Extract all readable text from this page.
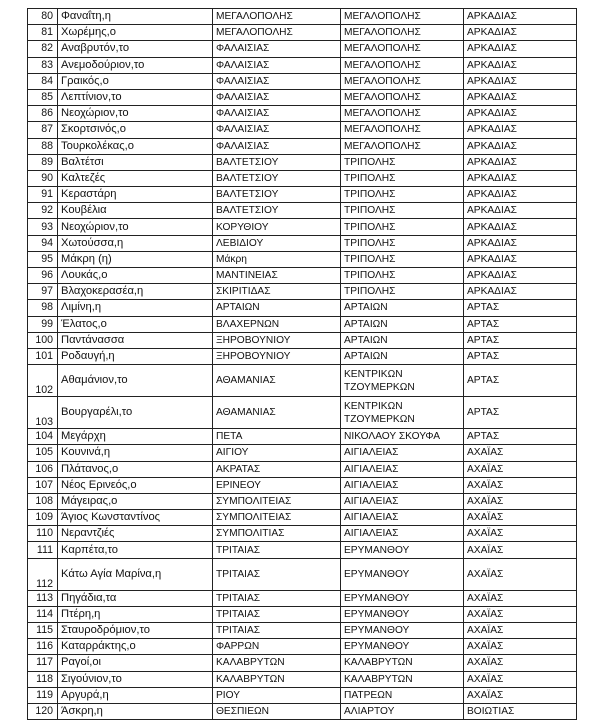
80	Φαναΐτη,η	ΜΕΓΑΛΟΠΟΛΗΣ	ΜΕΓΑΛΟΠΟΛΗΣ	ΑΡΚΑΔΙΑΣ
81	Χωρέμης,ο	ΜΕΓΑΛΟΠΟΛΗΣ	ΜΕΓΑΛΟΠΟΛΗΣ	ΑΡΚΑΔΙΑΣ
82	Αναβρυτόν,το	ΦΑΛΑΙΣΙΑΣ	ΜΕΓΑΛΟΠΟΛΗΣ	ΑΡΚΑΔΙΑΣ
83	Ανεμοδούριον,το	ΦΑΛΑΙΣΙΑΣ	ΜΕΓΑΛΟΠΟΛΗΣ	ΑΡΚΑΔΙΑΣ
84	Γραικός,ο	ΦΑΛΑΙΣΙΑΣ	ΜΕΓΑΛΟΠΟΛΗΣ	ΑΡΚΑΔΙΑΣ
85	Λεπτίνιον,το	ΦΑΛΑΙΣΙΑΣ	ΜΕΓΑΛΟΠΟΛΗΣ	ΑΡΚΑΔΙΑΣ
86	Νεοχώριον,το	ΦΑΛΑΙΣΙΑΣ	ΜΕΓΑΛΟΠΟΛΗΣ	ΑΡΚΑΔΙΑΣ
87	Σκορτσινός,ο	ΦΑΛΑΙΣΙΑΣ	ΜΕΓΑΛΟΠΟΛΗΣ	ΑΡΚΑΔΙΑΣ
88	Τουρκολέκας,ο	ΦΑΛΑΙΣΙΑΣ	ΜΕΓΑΛΟΠΟΛΗΣ	ΑΡΚΑΔΙΑΣ
89	Βαλτέτσι	ΒΑΛΤΕΤΣΙΟΥ	ΤΡΙΠΟΛΗΣ	ΑΡΚΑΔΙΑΣ
90	Καλτεζές	ΒΑΛΤΕΤΣΙΟΥ	ΤΡΙΠΟΛΗΣ	ΑΡΚΑΔΙΑΣ
91	Κεραστάρη	ΒΑΛΤΕΤΣΙΟΥ	ΤΡΙΠΟΛΗΣ	ΑΡΚΑΔΙΑΣ
92	Κουβέλια	ΒΑΛΤΕΤΣΙΟΥ	ΤΡΙΠΟΛΗΣ	ΑΡΚΑΔΙΑΣ
93	Νεοχώριον,το	ΚΟΡΥΘΙΟΥ	ΤΡΙΠΟΛΗΣ	ΑΡΚΑΔΙΑΣ
94	Χωτούσσα,η	ΛΕΒΙΔΙΟΥ	ΤΡΙΠΟΛΗΣ	ΑΡΚΑΔΙΑΣ
95	Μάκρη (η)	Μάκρη	ΤΡΙΠΟΛΗΣ	ΑΡΚΑΔΙΑΣ
96	Λουκάς,ο	ΜΑΝΤΙΝΕΙΑΣ	ΤΡΙΠΟΛΗΣ	ΑΡΚΑΔΙΑΣ
97	Βλαχοκερασέα,η	ΣΚΙΡΙΤΙΔΑΣ	ΤΡΙΠΟΛΗΣ	ΑΡΚΑΔΙΑΣ
98	Λιμίνη,η	ΑΡΤΑΙΩΝ	ΑΡΤΑΙΩΝ	ΑΡΤΑΣ
99	Έλατος,ο	ΒΛΑΧΕΡΝΩΝ	ΑΡΤΑΙΩΝ	ΑΡΤΑΣ
100	Παντάνασσα	ΞΗΡΟΒΟΥΝΙΟΥ	ΑΡΤΑΙΩΝ	ΑΡΤΑΣ
101	Ροδαυγή,η	ΞΗΡΟΒΟΥΝΙΟΥ	ΑΡΤΑΙΩΝ	ΑΡΤΑΣ
102	Αθαμάνιον,το	ΑΘΑΜΑΝΙΑΣ	ΚΕΝΤΡΙΚΩΝ ΤΖΟΥΜΕΡΚΩΝ	ΑΡΤΑΣ
103	Βουργαρέλι,το	ΑΘΑΜΑΝΙΑΣ	ΚΕΝΤΡΙΚΩΝ ΤΖΟΥΜΕΡΚΩΝ	ΑΡΤΑΣ
104	Μεγάρχη	ΠΕΤΑ	ΝΙΚΟΛΑΟΥ ΣΚΟΥΦΑ	ΑΡΤΑΣ
105	Κουνινά,η	ΑΙΓΙΟΥ	ΑΙΓΙΑΛΕΙΑΣ	ΑΧΑΪΑΣ
106	Πλάτανος,ο	ΑΚΡΑΤΑΣ	ΑΙΓΙΑΛΕΙΑΣ	ΑΧΑΪΑΣ
107	Νέος Ερινεός,ο	ΕΡΙΝΕΟΥ	ΑΙΓΙΑΛΕΙΑΣ	ΑΧΑΪΑΣ
108	Μάγειρας,ο	ΣΥΜΠΟΛΙΤΕΙΑΣ	ΑΙΓΙΑΛΕΙΑΣ	ΑΧΑΪΑΣ
109	Άγιος Κωνσταντίνος	ΣΥΜΠΟΛΙΤΕΙΑΣ	ΑΙΓΙΑΛΕΙΑΣ	ΑΧΑΪΑΣ
110	Νεραντζιές	ΣΥΜΠΟΛΙΤΙΑΣ	ΑΙΓΙΑΛΕΙΑΣ	ΑΧΑΪΑΣ
111	Καρπέτα,το	ΤΡΙΤΑΙΑΣ	ΕΡΥΜΑΝΘΟΥ	ΑΧΑΪΑΣ
112	Κάτω Αγία Μαρίνα,η	ΤΡΙΤΑΙΑΣ	ΕΡΥΜΑΝΘΟΥ	ΑΧΑΪΑΣ
113	Πηγάδια,τα	ΤΡΙΤΑΙΑΣ	ΕΡΥΜΑΝΘΟΥ	ΑΧΑΪΑΣ
114	Πτέρη,η	ΤΡΙΤΑΙΑΣ	ΕΡΥΜΑΝΘΟΥ	ΑΧΑΪΑΣ
115	Σταυροδρόμιον,το	ΤΡΙΤΑΙΑΣ	ΕΡΥΜΑΝΘΟΥ	ΑΧΑΪΑΣ
116	Καταρράκτης,ο	ΦΑΡΡΩΝ	ΕΡΥΜΑΝΘΟΥ	ΑΧΑΪΑΣ
117	Ραγοί,οι	ΚΑΛΑΒΡΥΤΩΝ	ΚΑΛΑΒΡΥΤΩΝ	ΑΧΑΪΑΣ
118	Σιγούνιον,το	ΚΑΛΑΒΡΥΤΩΝ	ΚΑΛΑΒΡΥΤΩΝ	ΑΧΑΪΑΣ
119	Αργυρά,η	ΡΙΟΥ	ΠΑΤΡΕΩΝ	ΑΧΑΪΑΣ
120	Άσκρη,η	ΘΕΣΠΙΕΩΝ	ΑΛΙΑΡΤΟΥ	ΒΟΙΩΤΙΑΣ
